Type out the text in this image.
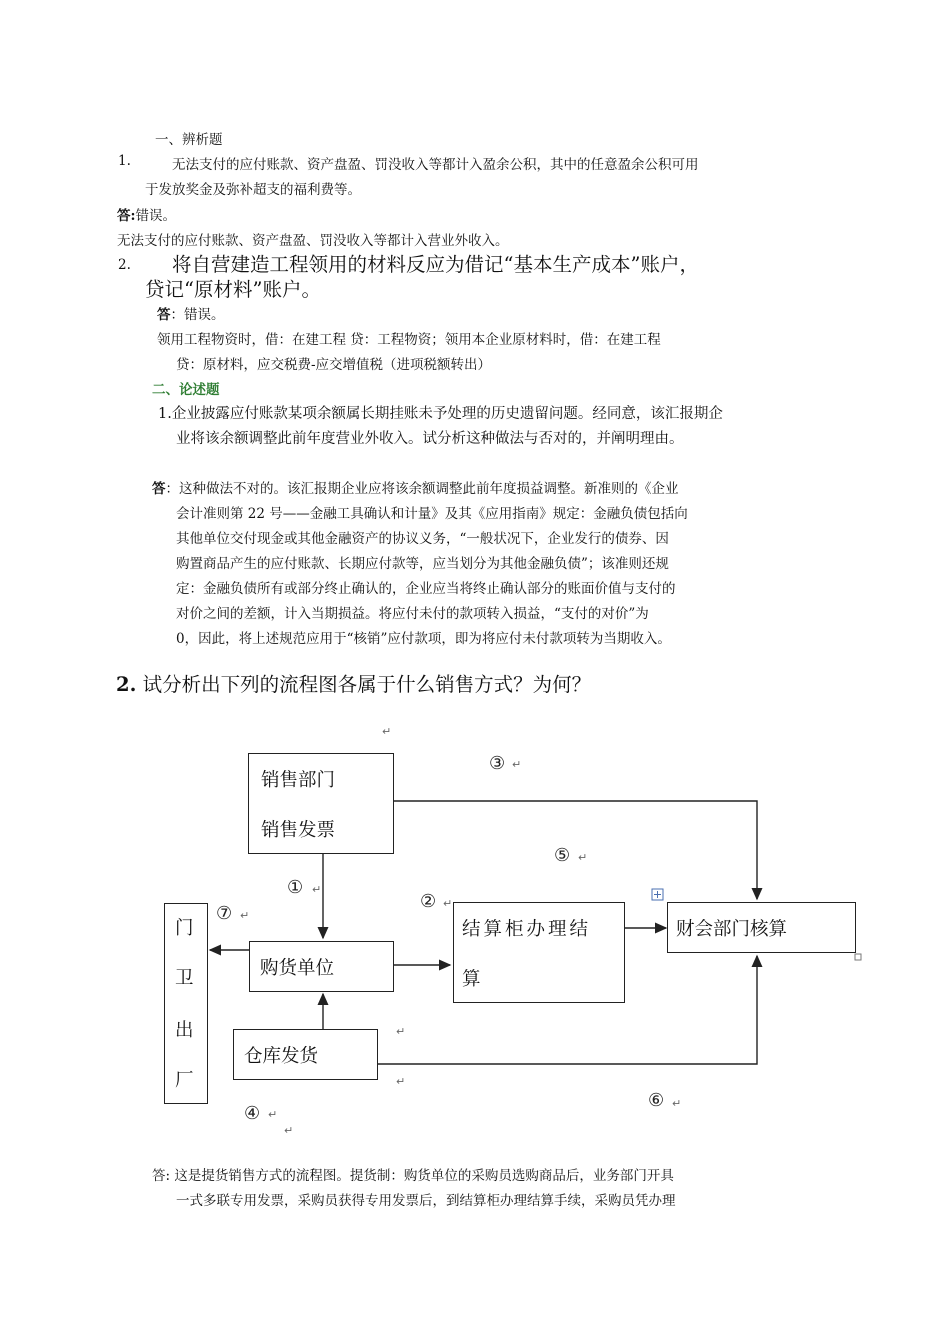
一、辨析题
1.	无法支付的应付账款、资产盘盈、罚没收入等都计入盈余公积，其中的任意盈余公积可用
于发放奖金及弥补超支的福利费等。
答:错误。
无法支付的应付账款、资产盘盈、罚没收入等都计入营业外收入。
2. 将自营建造工程领用的材料反应为借记“基本生产成本”账户，
贷记“原材料”账户。
答：错误。
领用工程物资时，借：在建工程 贷：工程物资；领用本企业原材料时，借：在建工程
贷：原材料，应交税费-应交增值税（进项税额转出）
二、论述题
1.企业披露应付账款某项余额属长期挂账未予处理的历史遗留问题。经同意，该汇报期企
业将该余额调整此前年度营业外收入。试分析这种做法与否对的，并阐明理由。
答：这种做法不对的。该汇报期企业应将该余额调整此前年度损益调整。新准则的《企业
会计准则第 22 号——金融工具确认和计量》及其《应用指南》规定：金融负债包括向
其他单位交付现金或其他金融资产的协议义务，“一般状况下，企业发行的债券、因
购置商品产生的应付账款、长期应付款等，应当划分为其他金融负债”；该准则还规
定：金融负债所有或部分终止确认的，企业应当将终止确认部分的账面价值与支付的
对价之间的差额，计入当期损益。将应付未付的款项转入损益，“支付的对价”为
0，因此，将上述规范应用于“核销”应付款项，即为将应付未付款项转为当期收入。
2. 试分析出下列的流程图各属于什么销售方式？为何？
销售部门
销售发票
购货单位
结算柜办理结
算
财会部门核算
仓库发货
门
卫
出
厂
①
②
③
④
⑤
⑥
⑦
↵
↵
↵
↵
↵
↵
↵
↵
↵
↵
↵
答: 这是提货销售方式的流程图。提货制：购货单位的采购员选购商品后，业务部门开具
一式多联专用发票，采购员获得专用发票后，到结算柜办理结算手续，采购员凭办理
